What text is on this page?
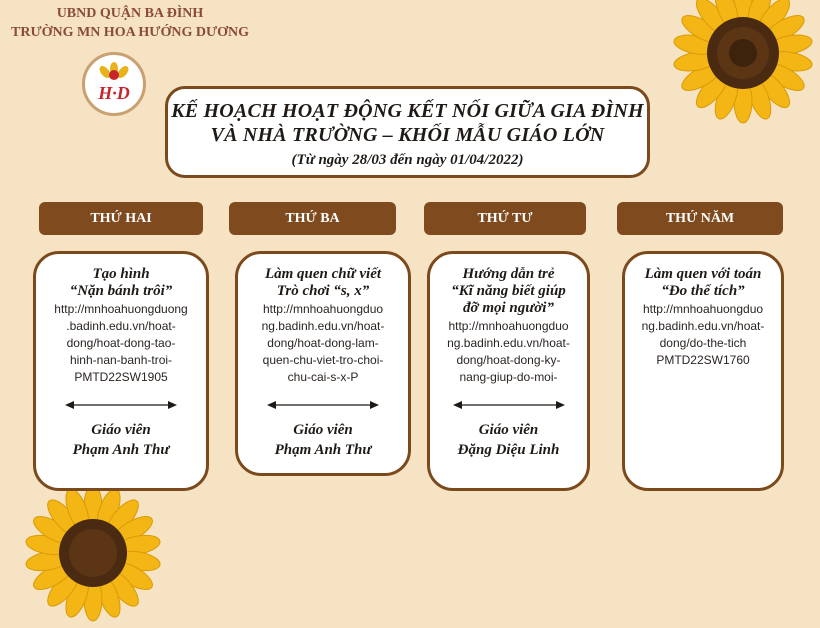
UBND QUẬN BA ĐÌNH
TRƯỜNG MN HOA HƯỚNG DƯƠNG
H·D
KẾ HOẠCH HOẠT ĐỘNG KẾT NỐI GIỮA GIA ĐÌNH
VÀ NHÀ TRƯỜNG – KHỐI MẪU GIÁO LỚN
(Từ ngày 28/03 đến ngày 01/04/2022)
THỨ HAI	THỨ BA	THỨ TƯ	THỨ NĂM
Tạo hình
“Nặn bánh trôi”
http://mnhoahuongduong
.badinh.edu.vn/hoat-
dong/hoat-dong-tao-
hinh-nan-banh-troi-
PMTD22SW1905
Giáo viên
Phạm Anh Thư
Làm quen chữ viết
Trò chơi “s, x”
http://mnhoahuongduo
ng.badinh.edu.vn/hoat-
dong/hoat-dong-lam-
quen-chu-viet-tro-choi-
chu-cai-s-x-P
Giáo viên
Phạm Anh Thư
Hướng dẫn trẻ
“Kĩ năng biết giúp
đỡ mọi người”
http://mnhoahuongduo
ng.badinh.edu.vn/hoat-
dong/hoat-dong-ky-
nang-giup-do-moi-
Giáo viên
Đặng Diệu Linh
Làm quen với toán
“Đo thể tích”
http://mnhoahuongduo
ng.badinh.edu.vn/hoat-
dong/do-the-tich
PMTD22SW1760
